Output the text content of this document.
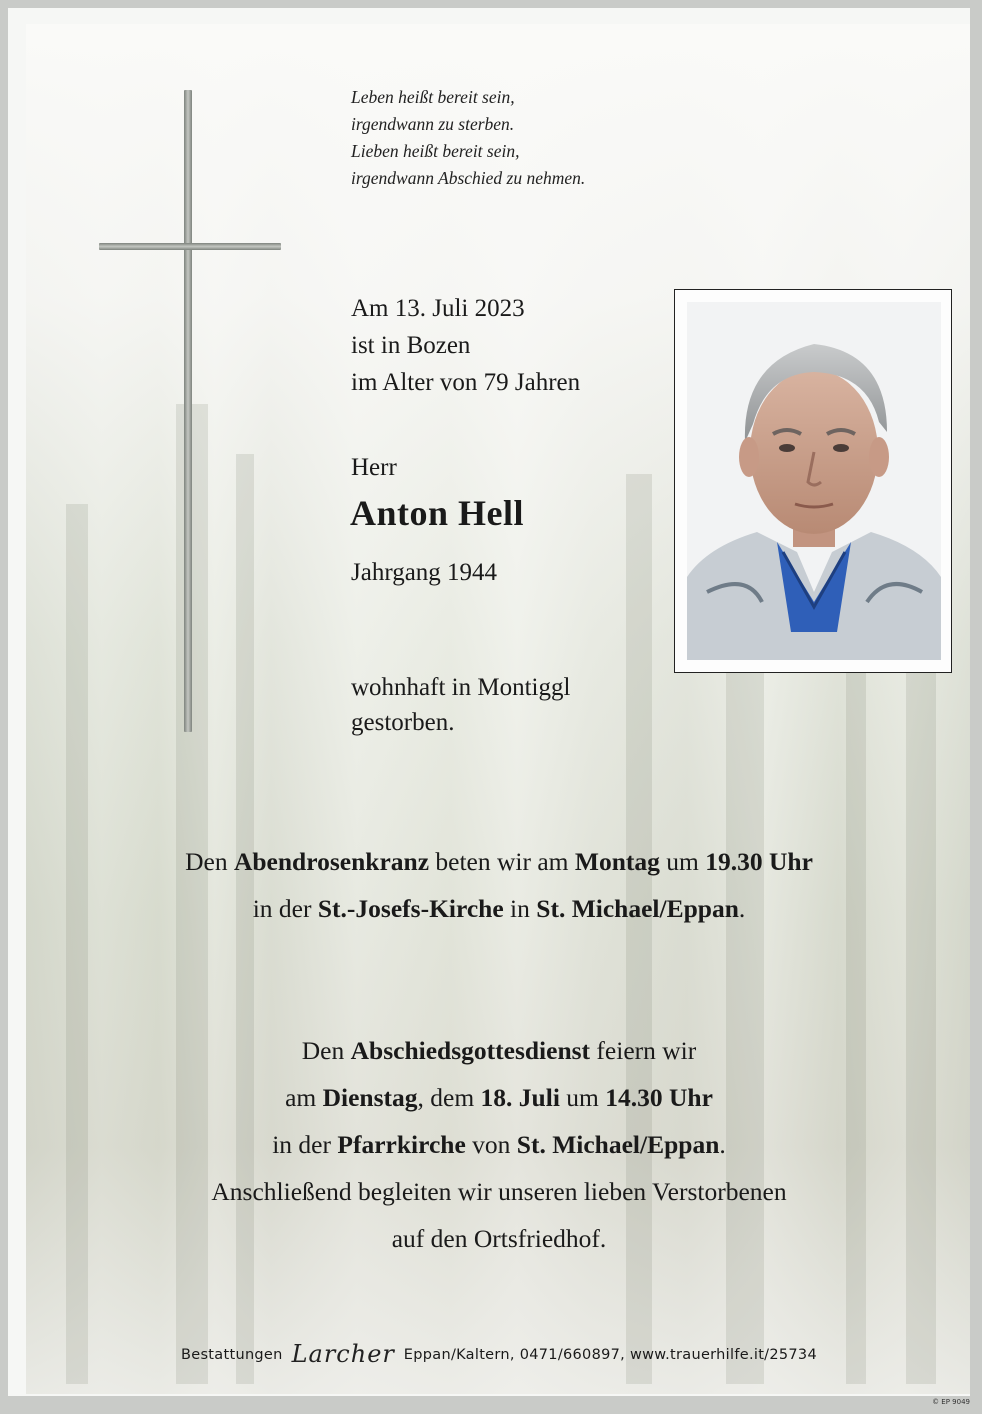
Leben heißt bereit sein,
irgendwann zu sterben.
Lieben heißt bereit sein,
irgendwann Abschied zu nehmen.
Am 13. Juli 2023
ist in Bozen
im Alter von 79 Jahren
Herr
Anton Hell
Jahrgang 1944
wohnhaft in Montiggl
gestorben.
Den Abendrosenkranz beten wir am Montag um 19.30 Uhr
in der St.-Josefs-Kirche in St. Michael/Eppan.
Den Abschiedsgottesdienst feiern wir
am Dienstag, dem 18. Juli um 14.30 Uhr
in der Pfarrkirche von St. Michael/Eppan.
Anschließend begleiten wir unseren lieben Verstorbenen
auf den Ortsfriedhof.
Bestattungen Larcher Eppan/Kaltern, 0471/660897, www.trauerhilfe.it/25734
© EP 9049
